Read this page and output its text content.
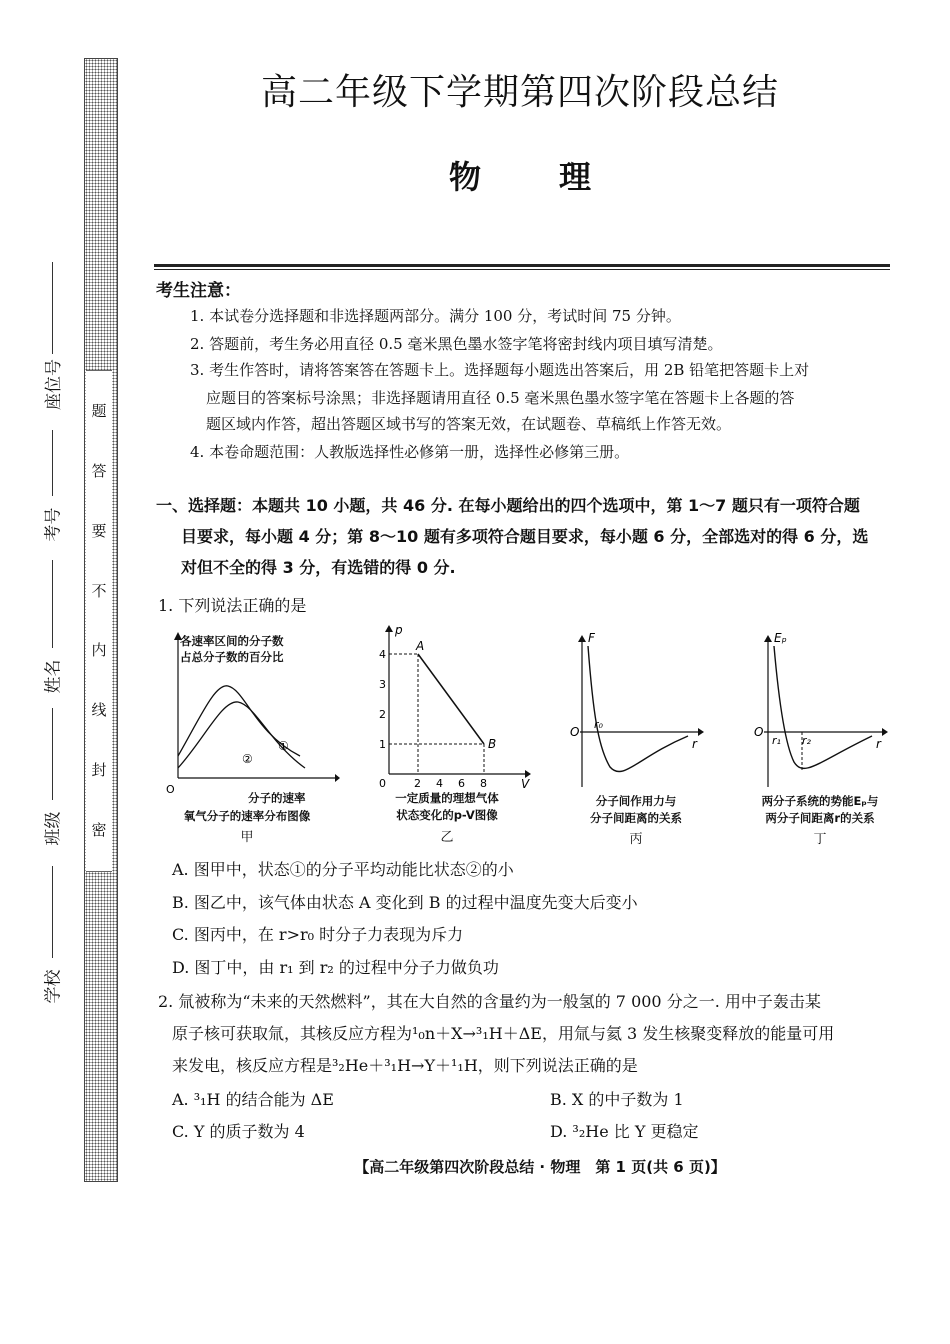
题
答
要
不
内
线
封
密
座位号
考号
姓名
班级
学校
高二年级下学期第四次阶段总结
物 理
考生注意：
1. 本试卷分选择题和非选择题两部分。满分 100 分，考试时间 75 分钟。
2. 答题前，考生务必用直径 0.5 毫米黑色墨水签字笔将密封线内项目填写清楚。
3. 考生作答时，请将答案答在答题卡上。选择题每小题选出答案后，用 2B 铅笔把答题卡上对
应题目的答案标号涂黑；非选择题请用直径 0.5 毫米黑色墨水签字笔在答题卡上各题的答
题区域内作答，超出答题区域书写的答案无效，在试题卷、草稿纸上作答无效。
4. 本卷命题范围：人教版选择性必修第一册，选择性必修第三册。
一、选择题：本题共 10 小题，共 46 分. 在每小题给出的四个选项中，第 1～7 题只有一项符合题
目要求，每小题 4 分；第 8～10 题有多项符合题目要求，每小题 6 分，全部选对的得 6 分，选
对但不全的得 3 分，有选错的得 0 分.
1. 下列说法正确的是
①
②
O
各速率区间的分子数
占总分子数的百分比
分子的速率
氧气分子的速率分布图像
甲
4
3
2
1
2 4 6 8
0
p
V
A
B
一定质量的理想气体
状态变化的p-V图像
乙
F
O
r₀
r
分子间作用力与
分子间距离的关系
丙
Eₚ
O
r₁ r₂	r
两分子系统的势能Eₚ与
两分子间距离r的关系
丁
A. 图甲中，状态①的分子平均动能比状态②的小
B. 图乙中，该气体由状态 A 变化到 B 的过程中温度先变大后变小
C. 图丙中，在 r>r₀ 时分子力表现为斥力
D. 图丁中，由 r₁ 到 r₂ 的过程中分子力做负功
2. 氚被称为“未来的天然燃料”，其在大自然的含量约为一般氢的 7 000 分之一. 用中子轰击某
原子核可获取氚，其核反应方程为¹₀n＋X→³₁H＋ΔE，用氚与氦 3 发生核聚变释放的能量可用
来发电，核反应方程是³₂He＋³₁H→Y＋¹₁H，则下列说法正确的是
A. ³₁H 的结合能为 ΔE	B. X 的中子数为 1
C. Y 的质子数为 4	D. ³₂He 比 Y 更稳定
【高二年级第四次阶段总结 · 物理　第 1 页(共 6 页)】
